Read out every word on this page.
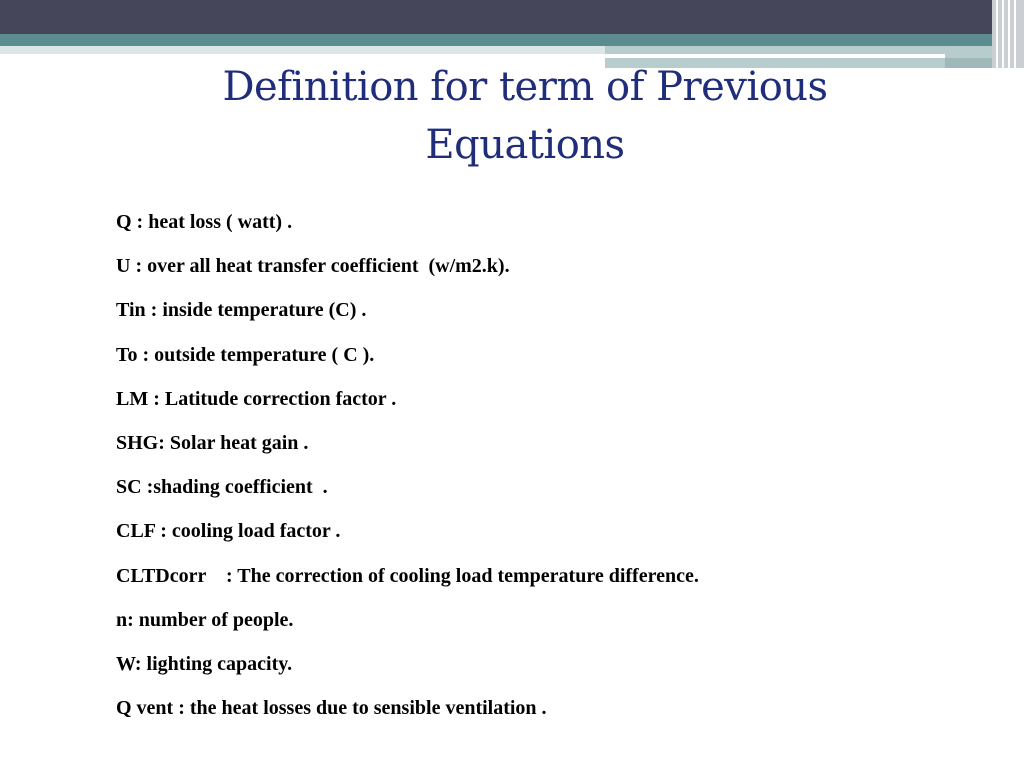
Definition for term of Previous Equations
Q : heat loss ( watt) .
U : over all heat transfer coefficient  (w/m2.k).
Tin : inside temperature (C) .
To : outside temperature ( C ).
LM : Latitude correction factor .
SHG: Solar heat gain .
SC :shading coefficient  .
CLF : cooling load factor .
CLTDcorr    : The correction of cooling load temperature difference.
n: number of people.
W: lighting capacity.
Q vent : the heat losses due to sensible ventilation .
